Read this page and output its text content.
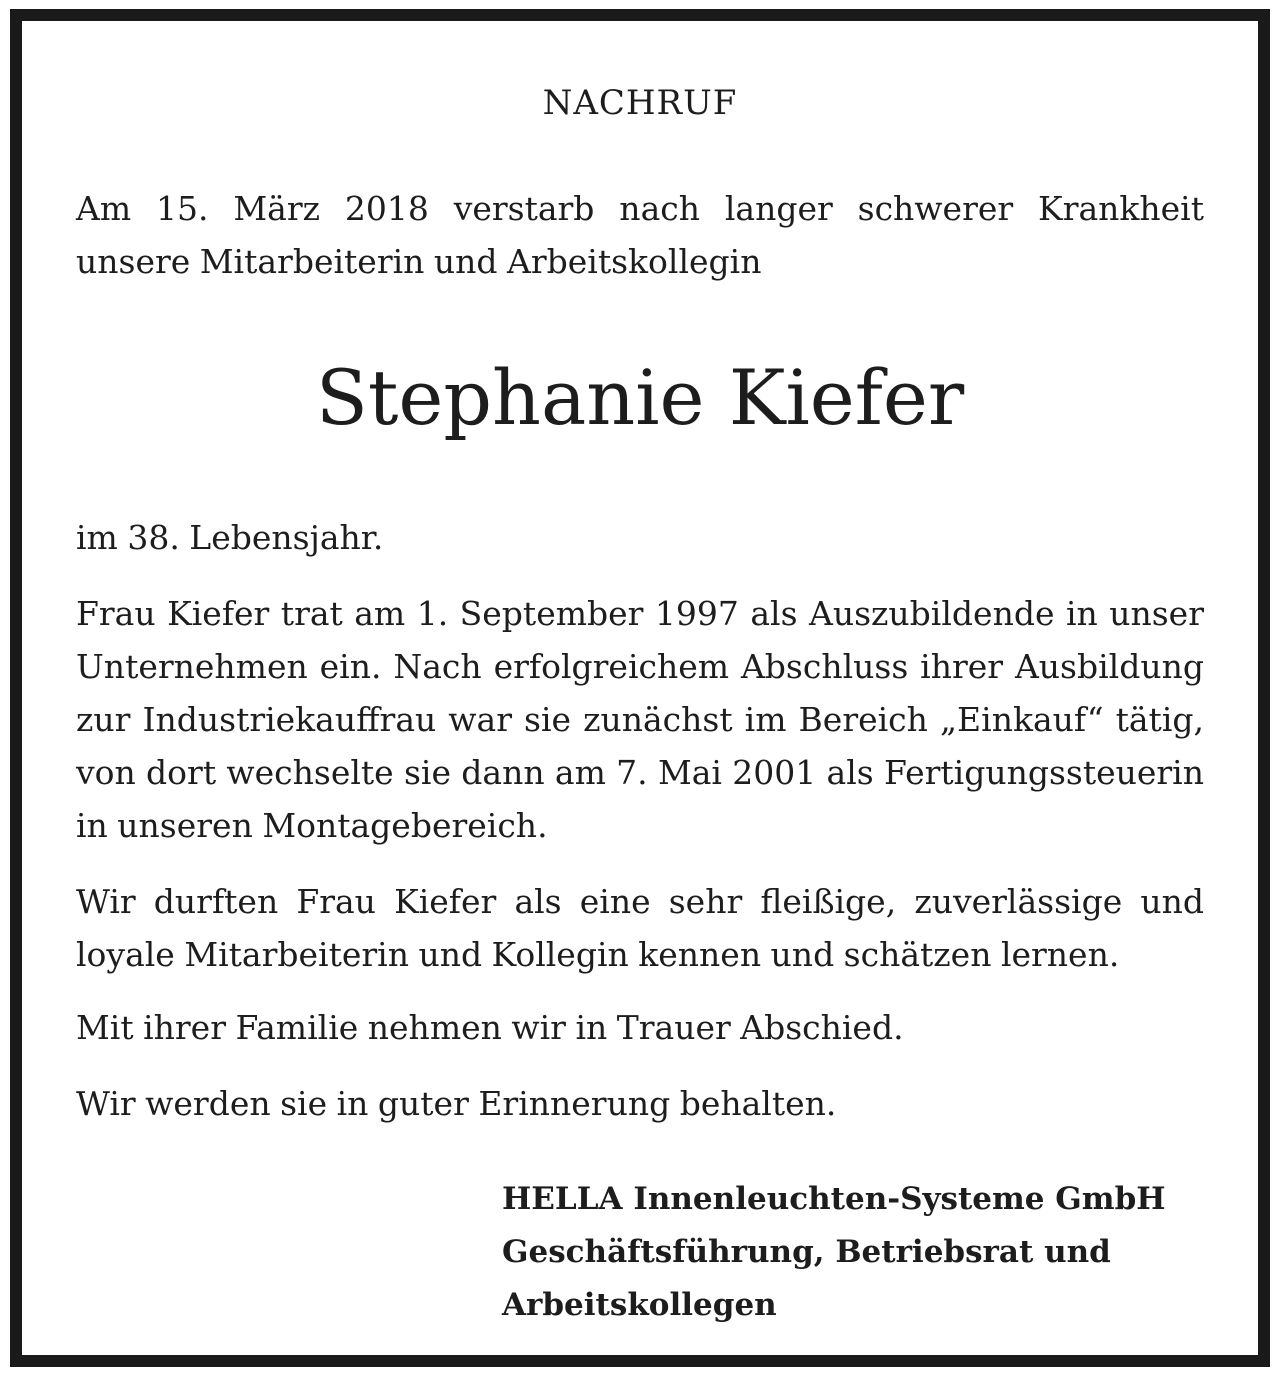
NACHRUF

Am 15. März 2018 verstarb nach langer schwerer Krankheit unsere Mitarbeiterin und Arbeitskollegin

Stephanie Kiefer

im 38. Lebensjahr.

Frau Kiefer trat am 1. September 1997 als Auszubildende in unser Unternehmen ein. Nach erfolgreichem Abschluss ihrer Ausbildung zur Industriekauffrau war sie zunächst im Bereich „Einkauf“ tätig, von dort wechselte sie dann am 7. Mai 2001 als Fertigungssteuerin in unseren Montagebereich.

Wir durften Frau Kiefer als eine sehr fleißige, zuverlässige und loyale Mitarbeiterin und Kollegin kennen und schätzen lernen.

Mit ihrer Familie nehmen wir in Trauer Abschied.

Wir werden sie in guter Erinnerung behalten.

HELLA Innenleuchten-Systeme GmbH
Geschäftsführung, Betriebsrat und
Arbeitskollegen
